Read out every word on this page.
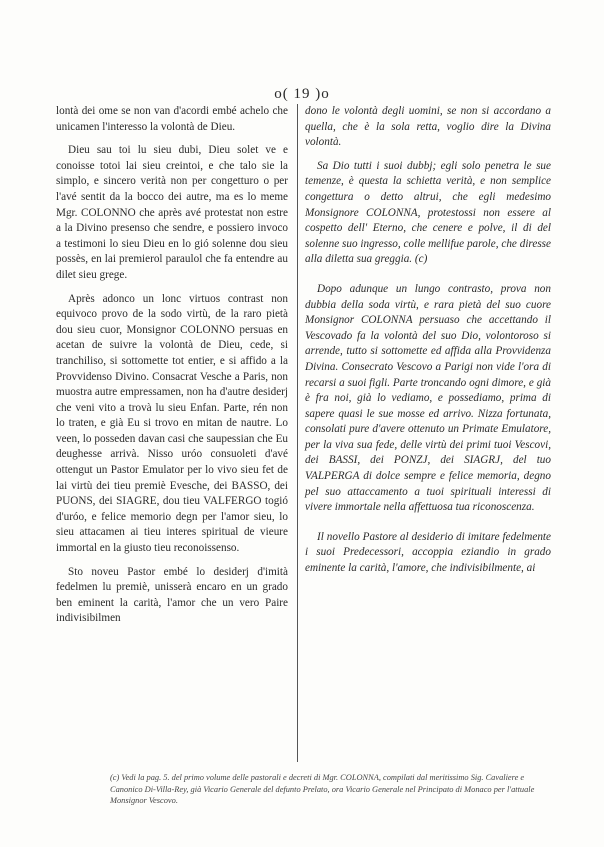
o( 19 )o

lontà dei ome se non van d'acordi embé achelo che unicamen l'interesso la volontà de Dieu.

Dieu sau toi lu sieu dubi, Dieu solet ve e conoisse totoi lai sieu creintoi, e che talo sie la simplo, e sincero verità non per congetturo o per l'avé sentit da la bocco dei autre, ma es lo meme Mgr. COLONNO che après avé protestat non estre a la Divino presenso che sendre, e possiero invoco a testimoni lo sieu Dieu en lo gió solenne dou sieu possès, en lai premierol paraulol che fa entendre au dilet sieu grege.

Après adonco un lonc virtuos contrast non equivoco provo de la sodo virtù, de la raro pietà dou sieu cuor, Monsignor COLONNO persuas en acetan de suivre la volontà de Dieu, cede, si tranchiliso, si sottomette tot entier, e si affido a la Provvidenso Divino. Consacrat Vesche a Paris, non muostra autre empressamen, non ha d'autre desiderj che veni vito a trovà lu sieu Enfan. Parte, rén non lo traten, e già Eu si trovo en mitan de nautre. Lo veen, lo posseden davan casi che saupessian che Eu deughesse arrivà. Nisso uróo consuoleti d'avé ottengut un Pastor Emulator per lo vivo sieu fet de lai virtù dei tieu premiè Evesche, dei BASSO, dei PUONS, dei SIAGRE, dou tieu VALFERGO togió d'uróo, e felice memorio degn per l'amor sieu, lo sieu attacamen ai tieu interes spiritual de vieure immortal en la giusto tieu reconoissenso.

Sto noveu Pastor embé lo desiderj d'imità fedelmen lu premiè, unisserà encaro en un grado ben eminent la carità, l'amor che un vero Paire indivisibilmen

dono le volontà degli uomini, se non si accordano a quella, che è la sola retta, voglio dire la Divina volontà.

Sa Dio tutti i suoi dubbj; egli solo penetra le sue temenze, è questa la schietta verità, e non semplice congettura o detto altrui, che egli medesimo Monsignore COLONNA, protestossi non essere al cospetto dell' Eterno, che cenere e polve, il di del solenne suo ingresso, colle mellifue parole, che diresse alla diletta sua greggia. (c)

Dopo adunque un lungo contrasto, prova non dubbia della soda virtù, e rara pietà del suo cuore Monsignor COLONNA persuaso che accettando il Vescovado fa la volontà del suo Dio, volontoroso si arrende, tutto si sottomette ed affida alla Provvidenza Divina. Consecrato Vescovo a Parigi non vide l'ora di recarsi a suoi figli. Parte troncando ogni dimore, e già è fra noi, già lo vediamo, e possediamo, prima di sapere quasi le sue mosse ed arrivo. Nizza fortunata, consolati pure d'avere ottenuto un Primate Emulatore, per la viva sua fede, delle virtù dei primi tuoi Vescovi, dei BASSI, dei PONZJ, dei SIAGRJ, del tuo VALPERGA di dolce sempre e felice memoria, degno pel suo attaccamento a tuoi spirituali interessi di vivere immortale nella affettuosa tua riconoscenza.

Il novello Pastore al desiderio di imitare fedelmente i suoi Predecessori, accoppia eziandio in grado eminente la carità, l'amore, che indivisibilmente, ai

(c) Vedi la pag. 5. del primo volume delle pastorali e decreti di Mgr. COLONNA, compilati dal meritissimo Sig. Cavaliere e Canonico Di-Villa-Rey, già Vicario Generale del defunto Prelato, ora Vicario Generale nel Principato di Monaco per l'attuale Monsignor Vescovo.
